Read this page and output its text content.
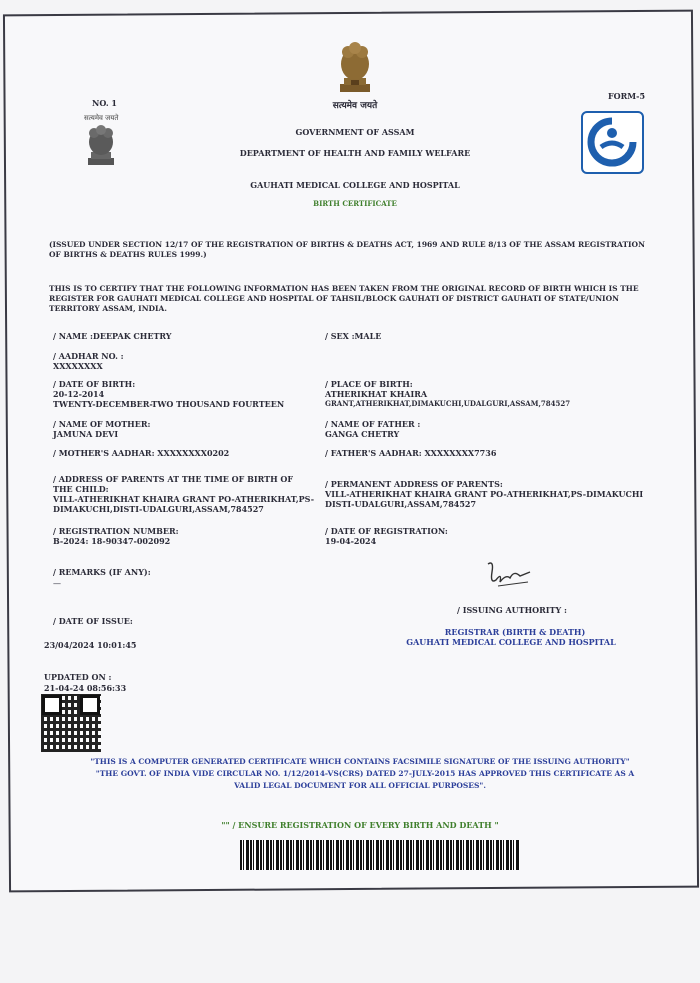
सत्यमेव जयते
NO. 1
सत्यमेव जयते
FORM-5
GOVERNMENT OF ASSAM
DEPARTMENT OF HEALTH AND FAMILY WELFARE
GAUHATI MEDICAL COLLEGE AND HOSPITAL
BIRTH CERTIFICATE
(ISSUED UNDER SECTION 12/17 OF THE REGISTRATION OF BIRTHS & DEATHS ACT, 1969 AND RULE 8/13 OF THE ASSAM REGISTRATION OF BIRTHS & DEATHS RULES 1999.)
THIS IS TO CERTIFY THAT THE FOLLOWING INFORMATION HAS BEEN TAKEN FROM THE ORIGINAL RECORD OF BIRTH WHICH IS THE REGISTER FOR GAUHATI MEDICAL COLLEGE AND HOSPITAL OF TAHSIL/BLOCK GAUHATI OF DISTRICT GAUHATI OF STATE/UNION TERRITORY ASSAM, INDIA.
/ NAME :DEEPAK CHETRY	/ SEX :MALE
/ AADHAR NO. :
XXXXXXXX
/ DATE OF BIRTH:
20-12-2014
TWENTY-DECEMBER-TWO THOUSAND FOURTEEN
/ PLACE OF BIRTH:
ATHERIKHAT KHAIRA
GRANT,ATHERIKHAT,DIMAKUCHI,UDALGURI,ASSAM,784527
/ NAME OF MOTHER:
JAMUNA DEVI
/ NAME OF FATHER :
GANGA CHETRY
/ MOTHER'S AADHAR: XXXXXXXX0202	/ FATHER'S AADHAR: XXXXXXXX7736
/ ADDRESS OF PARENTS AT THE TIME OF BIRTH OF THE CHILD:
VILL-ATHERIKHAT KHAIRA GRANT PO-ATHERIKHAT,PS-DIMAKUCHI,DISTI-UDALGURI,ASSAM,784527
/ PERMANENT ADDRESS OF PARENTS:
VILL-ATHERIKHAT KHAIRA GRANT PO-ATHERIKHAT,PS-DIMAKUCHI DISTI-UDALGURI,ASSAM,784527
/ REGISTRATION NUMBER:
B-2024: 18-90347-002092
/ DATE OF REGISTRATION:
19-04-2024
/ REMARKS (IF ANY):
—
/ ISSUING AUTHORITY :
REGISTRAR (BIRTH & DEATH)
GAUHATI MEDICAL COLLEGE AND HOSPITAL
/ DATE OF ISSUE:
23/04/2024 10:01:45
UPDATED ON :
21-04-24 08:56:33
"THIS IS A COMPUTER GENERATED CERTIFICATE WHICH CONTAINS FACSIMILE SIGNATURE OF THE ISSUING AUTHORITY"
"THE GOVT. OF INDIA VIDE CIRCULAR NO. 1/12/2014-VS(CRS) DATED 27-JULY-2015 HAS APPROVED THIS CERTIFICATE AS A
VALID LEGAL DOCUMENT FOR ALL OFFICIAL PURPOSES".
"" / ENSURE REGISTRATION OF EVERY BIRTH AND DEATH "
